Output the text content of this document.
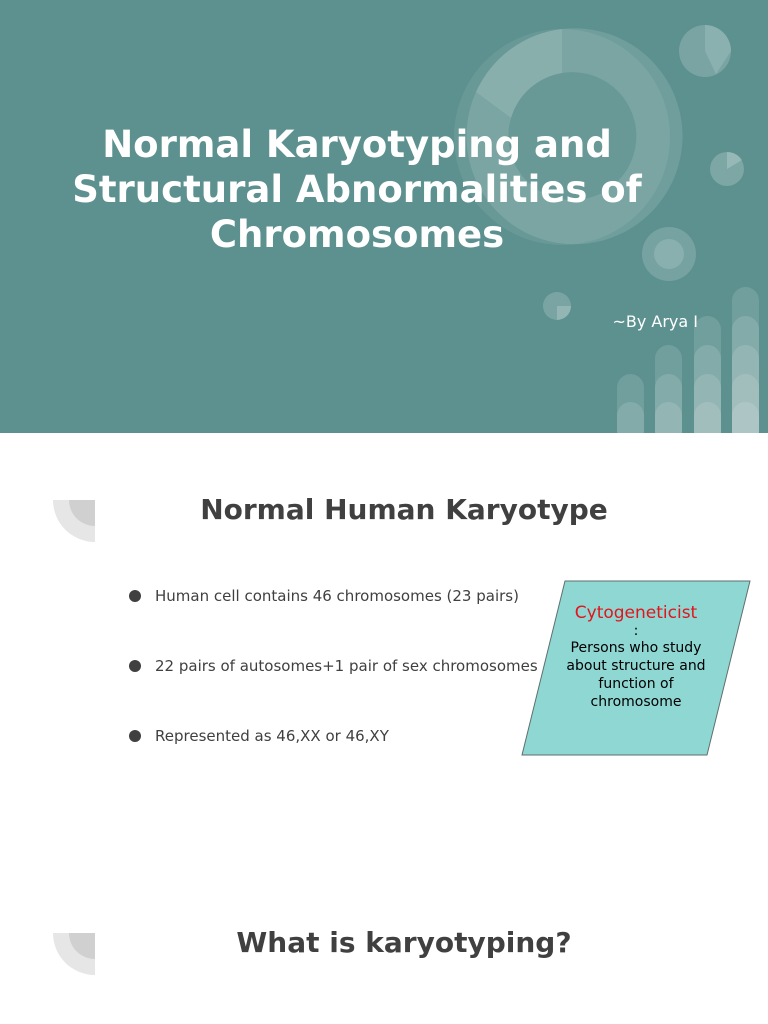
Normal Karyotyping and Structural Abnormalities of Chromosomes
~By Arya I
Normal Human Karyotype
Human cell contains 46 chromosomes (23 pairs)
22 pairs of autosomes+1 pair of sex chromosomes
Represented as 46,XX or 46,XY
Cytogeneticist
:
Persons who study about structure and function of chromosome
What is karyotyping?
